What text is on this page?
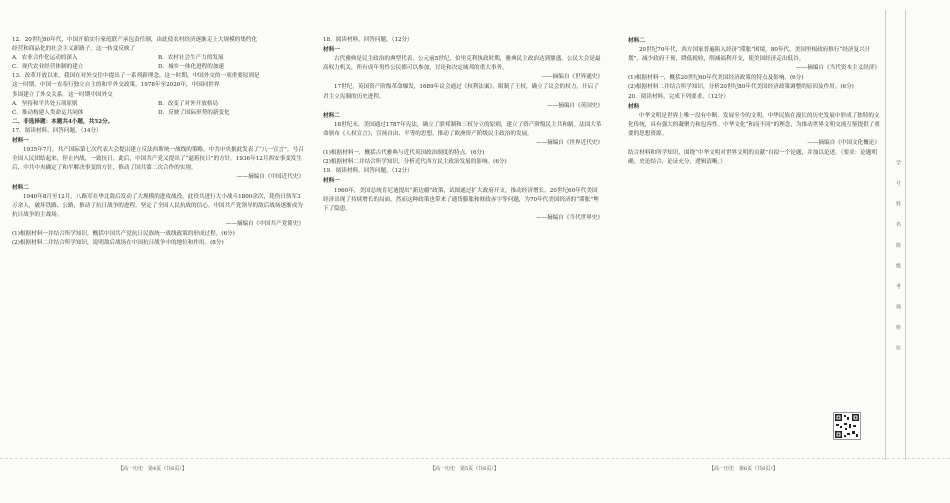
学 号 姓 名 班 级 考 场 座 位

12．20世纪80年代，中国开始实行家庭联产承包责任制，由此使农村经济逐渐走上大规模的集约化

经营和商品化的社会主义新路子。这一转变反映了

A．农业合作化运动的深入	B．农村社会生产力的发展
C．现代农业经营体制的建立	D．城乡一体化进程的加速

13．改革开放以来，我国在对外交往中提出了一系列新理念。这一时期，中国外交的一项重要原则是

这一时期，中国一直奉行独立自主的和平外交政策，1978年至2020年，中国同世界

多国建立了外交关系。这一时期中国外交

A．坚持和平共处五项原则	B．改变了对外开放格局
C．推动构建人类命运共同体	D．反映了国际形势的新变化

二、非选择题：本题共4小题，共52分。

17．阅读材料，回答问题。（14分）

材料一

1935年7月，共产国际第七次代表大会提出建立反法西斯统一战线的策略。中共中央据此发表了“八一宣言”，号召全国人民团结起来，停止内战，一致抗日。此后，中国共产党又提出了“逼蒋抗日”的方针。1936年12月西安事变发生后，中共中央确定了和平解决事变的方针，推动了国共第二次合作的实现。

——摘编自《中国近代史》

材料二

1940年8月至12月，八路军在华北敌后发动了大规模的进攻战役。此役共进行大小战斗1800余次，毙伤日伪军3万余人，破坏铁路、公路，推动了抗日战争的进程，坚定了全国人民抗战的信心。中国共产党领导的敌后战场逐渐成为抗日战争的主战场。

——摘编自《中国共产党简史》

(1)根据材料一并结合所学知识，概括中国共产党抗日民族统一战线政策的形成过程。(6分)

(2)根据材料二并结合所学知识，说明敌后战场在中国抗日战争中的地位和作用。(8分)

18．阅读材料，回答问题。（12分）

材料一

古代雅典是民主政治的典型代表。公元前5世纪，伯里克利执政时期，雅典民主政治达到鼎盛。公民大会是最高权力机关，所有成年男性公民都可以参加，讨论和决定城邦的重大事务。

——摘编自《世界通史》

17世纪，英国资产阶级革命爆发，1689年议会通过《权利法案》，限制了王权，确立了议会的权力，开启了君主立宪制的历史进程。

——摘编自《英国史》

材料二

18世纪末，美国通过1787年宪法，确立了联邦制和三权分立的原则，建立了资产阶级民主共和制。法国大革命颁布《人权宣言》，宣扬自由、平等的思想，推动了欧洲资产阶级民主政治的发展。

——摘编自《世界近代史》

(1)根据材料一，概括古代雅典与近代英国政治制度的特点。(6分)

(2)根据材料二并结合所学知识，分析近代西方民主政治发展的影响。(6分)

19．阅读材料，回答问题。（12分）

材料一

1960年，美国总统肯尼迪提出“新边疆”政策，试图通过扩大政府开支，推动经济增长。20世纪60年代美国经济出现了持续增长的局面。然而这种政策也带来了通货膨胀和财政赤字等问题，为70年代美国经济的“滞胀”埋下了隐患。

——摘编自《当代世界史》

材料二

20世纪70年代，西方国家普遍陷入经济“滞胀”困境。80年代，美国里根政府推行“经济复兴计划”，减少政府干预，降低税收，削减福利开支，使美国经济走出低谷。

——摘编自《当代资本主义经济》

(1)根据材料一，概括20世纪60年代美国经济政策的特点及影响。(6分)

(2)根据材料二并结合所学知识，分析20世纪80年代美国经济政策调整的原因及作用。(6分)

20．阅读材料，完成下列要求。（12分）

材料

中华文明是世界上唯一没有中断、发展至今的文明。中华民族在漫长的历史发展中形成了独特的文化传统，具有强大的凝聚力和包容性。中华文化“和而不同”的理念，为推动世界文明交流互鉴提供了重要的思想资源。

——摘编自《中国文化概论》

结合材料和所学知识，围绕“中华文明对世界文明的贡献”自拟一个论题，并加以论述。（要求：论题明确，史论结合，论证充分，逻辑清晰。）

【高一历史　第4页（共6页）】	【高一历史　第5页（共6页）】	【高一历史　第6页（共6页）】
